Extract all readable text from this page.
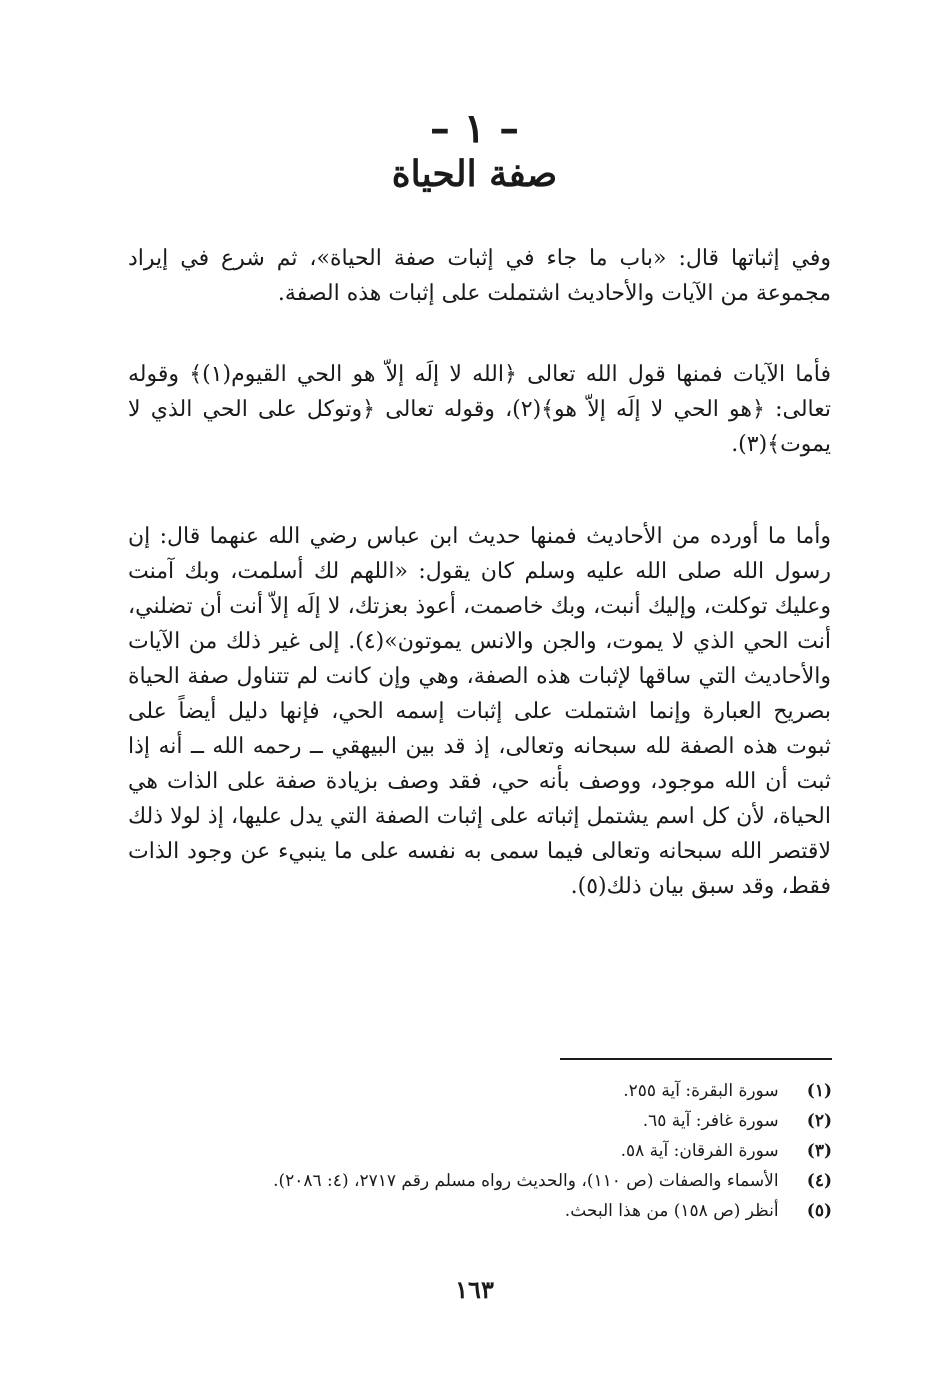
– ١ –
صفة الحياة

وفي إثباتها قال: «باب ما جاء في إثبات صفة الحياة»، ثم شرع في إيراد مجموعة من الآيات والأحاديث اشتملت على إثبات هذه الصفة.

فأما الآيات فمنها قول الله تعالى ﴿الله لا إلَه إلاّ هو الحي القيوم(١)﴾ وقوله تعالى: ﴿هو الحي لا إلَه إلاّ هو﴾(٢)، وقوله تعالى ﴿وتوكل على الحي الذي لا يموت﴾(٣).

وأما ما أورده من الأحاديث فمنها حديث ابن عباس رضي الله عنهما قال: إن رسول الله صلى الله عليه وسلم كان يقول: «اللهم لك أسلمت، وبك آمنت وعليك توكلت، وإليك أنبت، وبك خاصمت، أعوذ بعزتك، لا إلَه إلاّ أنت أن تضلني، أنت الحي الذي لا يموت، والجن والانس يموتون»(٤). إلى غير ذلك من الآيات والأحاديث التي ساقها لإثبات هذه الصفة، وهي وإن كانت لم تتناول صفة الحياة بصريح العبارة وإنما اشتملت على إثبات إسمه الحي، فإنها دليل أيضاً على ثبوت هذه الصفة لله سبحانه وتعالى، إذ قد بين البيهقي ــ رحمه الله ــ أنه إذا ثبت أن الله موجود، ووصف بأنه حي، فقد وصف بزيادة صفة على الذات هي الحياة، لأن كل اسم يشتمل إثباته على إثبات الصفة التي يدل عليها، إذ لولا ذلك لاقتصر الله سبحانه وتعالى فيما سمى به نفسه على ما ينبيء عن وجود الذات فقط، وقد سبق بيان ذلك(٥).

(١) سورة البقرة: آية ٢٥٥.
(٢) سورة غافر: آية ٦٥.
(٣) سورة الفرقان: آية ٥٨.
(٤) الأسماء والصفات (ص ١١٠)، والحديث رواه مسلم رقم ٢٧١٧، (٤: ٢٠٨٦).
(٥) أنظر (ص ١٥٨) من هذا البحث.
١٦٣
